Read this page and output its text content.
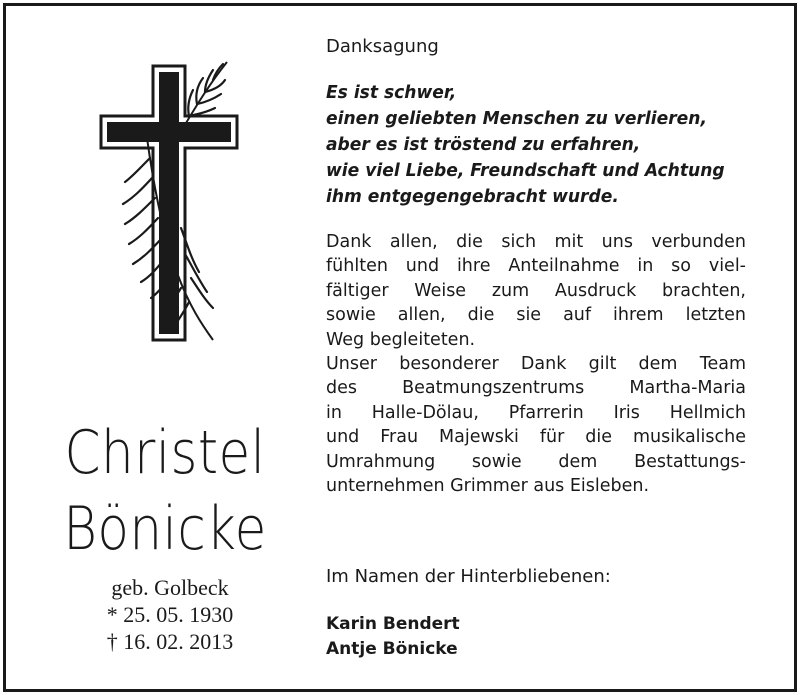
Christel
Bönicke
geb. Golbeck
* 25. 05. 1930
† 16. 02. 2013
Danksagung
Es ist schwer,
einen geliebten Menschen zu verlieren,
aber es ist tröstend zu erfahren,
wie viel Liebe, Freundschaft und Achtung
ihm entgegengebracht wurde.
Dank allen, die sich mit uns verbunden
fühlten und ihre Anteilnahme in so viel-
fältiger Weise zum Ausdruck brachten,
sowie allen, die sie auf ihrem letzten
Weg begleiteten.
Unser besonderer Dank gilt dem Team
des Beatmungszentrums Martha-Maria
in Halle-Dölau, Pfarrerin Iris Hellmich
und Frau Majewski für die musikalische
Umrahmung sowie dem Bestattungs-
unternehmen Grimmer aus Eisleben.
Im Namen der Hinterbliebenen:
Karin Bendert
Antje Bönicke
